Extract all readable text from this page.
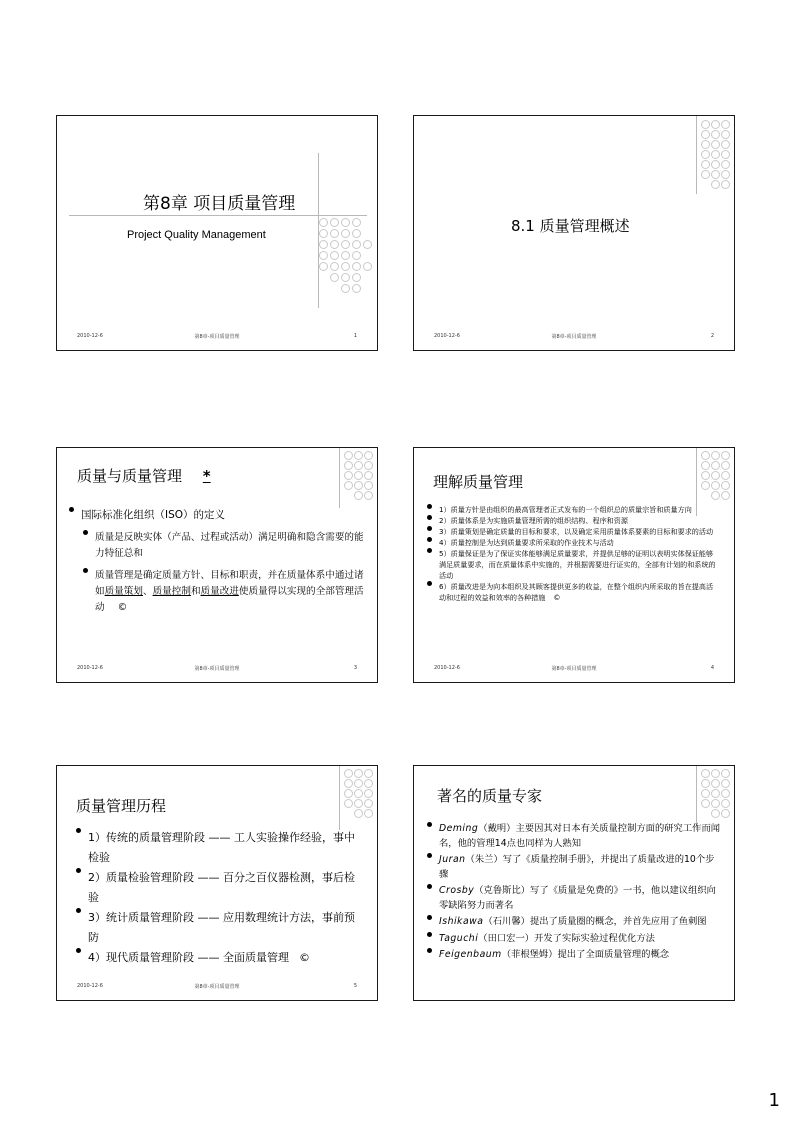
第8章 项目质量管理
Project Quality Management
2010-12-6	第8章-项目质量管理	1
8.1 质量管理概述
2010-12-6	第8章-项目质量管理	2
质量与质量管理 *
国际标准化组织（ISO）的定义
质量是反映实体（产品、过程或活动）满足明确和隐含需要的能力特征总和
质量管理是确定质量方针、目标和职责，并在质量体系中通过诸如质量策划、质量控制和质量改进使质量得以实现的全部管理活动 ©
2010-12-6	第8章-项目质量管理	3
理解质量管理
1）质量方针是由组织的最高管理者正式发布的一个组织总的质量宗旨和质量方向
2）质量体系是为实施质量管理所需的组织结构、程序和资源
3）质量策划是确定质量的目标和要求，以及确定采用质量体系要素的目标和要求的活动
4）质量控制是为达到质量要求所采取的作业技术与活动
5）质量保证是为了保证实体能够满足质量要求，并提供足够的证明以表明实体保证能够满足质量要求，而在质量体系中实施的，并根据需要进行证实的，全部有计划的和系统的活动
6）质量改进是为向本组织及其顾客提供更多的收益，在整个组织内所采取的旨在提高活动和过程的效益和效率的各种措施 ©
2010-12-6	第8章-项目质量管理	4
质量管理历程
1）传统的质量管理阶段 —— 工人实验操作经验，事中检验
2）质量检验管理阶段 —— 百分之百仪器检测，事后检验
3）统计质量管理阶段 —— 应用数理统计方法，事前预防
4）现代质量管理阶段 —— 全面质量管理 ©
2010-12-6	第8章-项目质量管理	5
著名的质量专家
Deming（戴明）主要因其对日本有关质量控制方面的研究工作而闻名，他的管理14点也同样为人熟知
Juran（朱兰）写了《质量控制手册》，并提出了质量改进的10个步骤
Crosby（克鲁斯比）写了《质量是免费的》一书，他以建议组织向零缺陷努力而著名
Ishikawa（石川馨）提出了质量圈的概念，并首先应用了鱼刺图
Taguchi（田口宏一）开发了实际实验过程优化方法
Feigenbaum（菲根堡姆）提出了全面质量管理的概念
1
